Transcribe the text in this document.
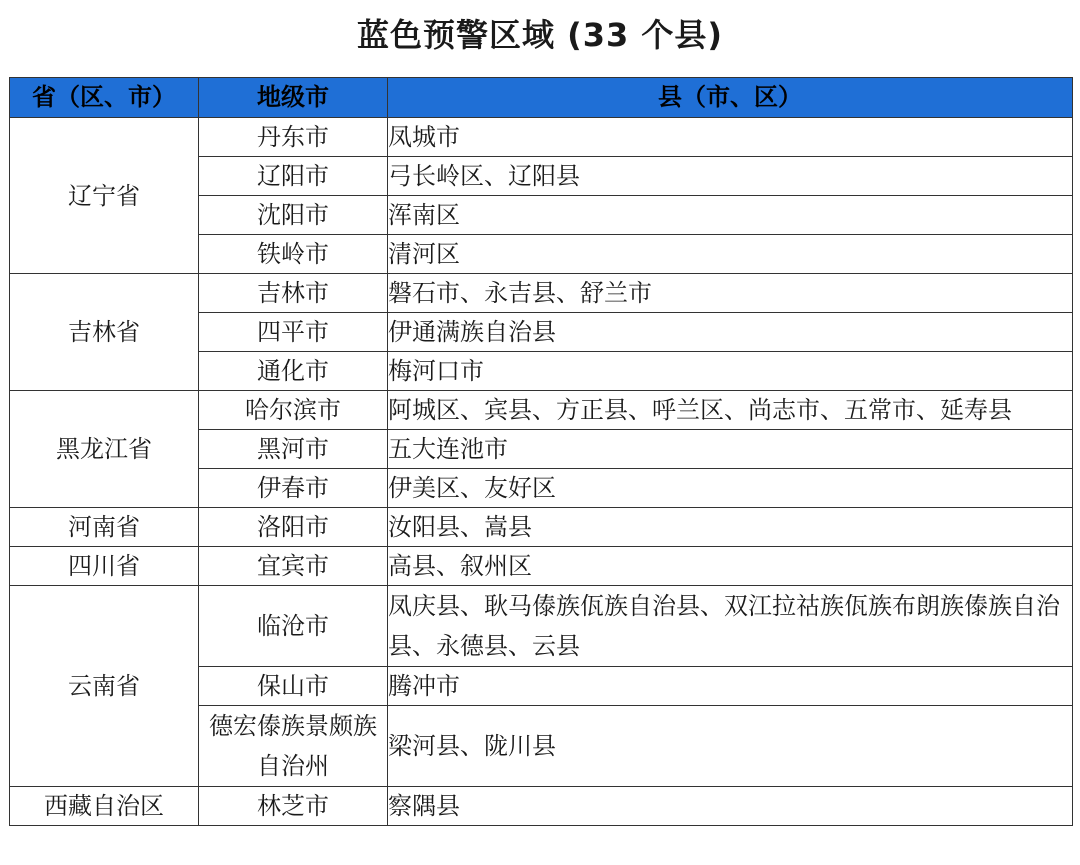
蓝色预警区域 (33 个县)
省（区、市）	地级市	县（市、区）
辽宁省	丹东市	凤城市
	辽阳市	弓长岭区、辽阳县
	沈阳市	浑南区
	铁岭市	清河区
吉林省	吉林市	磐石市、永吉县、舒兰市
	四平市	伊通满族自治县
	通化市	梅河口市
黑龙江省	哈尔滨市	阿城区、宾县、方正县、呼兰区、尚志市、五常市、延寿县
	黑河市	五大连池市
	伊春市	伊美区、友好区
河南省	洛阳市	汝阳县、嵩县
四川省	宜宾市	高县、叙州区
云南省	临沧市	凤庆县、耿马傣族佤族自治县、双江拉祜族佤族布朗族傣族自治县、永德县、云县
	保山市	腾冲市
	德宏傣族景颇族自治州	梁河县、陇川县
西藏自治区	林芝市	察隅县
